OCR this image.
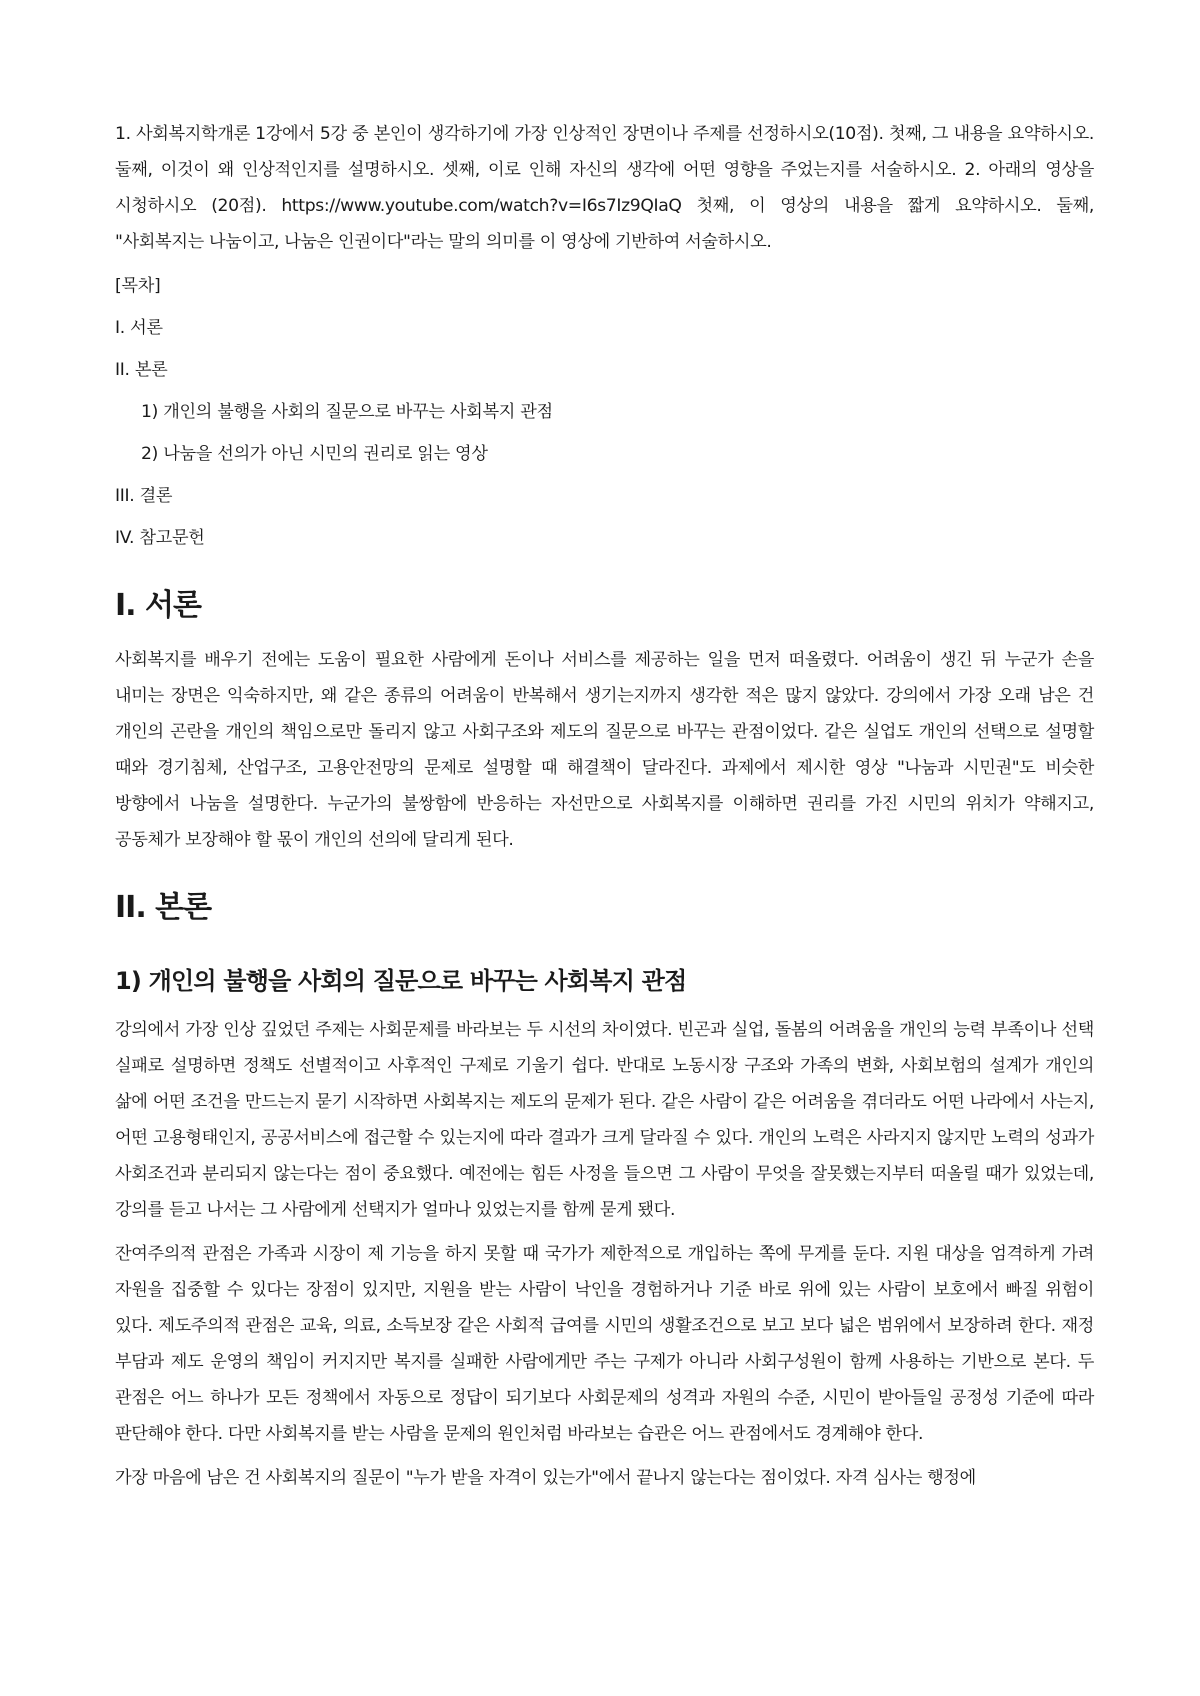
1. 사회복지학개론 1강에서 5강 중 본인이 생각하기에 가장 인상적인 장면이나 주제를 선정하시오(10점). 첫째, 그 내용을 요약하시오. 둘째, 이것이 왜 인상적인지를 설명하시오. 셋째, 이로 인해 자신의 생각에 어떤 영향을 주었는지를 서술하시오. 2. 아래의 영상을 시청하시오 (20점). https://www.youtube.com/watch?v=I6s7Iz9QIaQ 첫째, 이 영상의 내용을 짧게 요약하시오. 둘째, "사회복지는 나눔이고, 나눔은 인권이다"라는 말의 의미를 이 영상에 기반하여 서술하시오.

[목차]
I. 서론
II. 본론
1) 개인의 불행을 사회의 질문으로 바꾸는 사회복지 관점
2) 나눔을 선의가 아닌 시민의 권리로 읽는 영상
III. 결론
IV. 참고문헌
I. 서론

사회복지를 배우기 전에는 도움이 필요한 사람에게 돈이나 서비스를 제공하는 일을 먼저 떠올렸다. 어려움이 생긴 뒤 누군가 손을 내미는 장면은 익숙하지만, 왜 같은 종류의 어려움이 반복해서 생기는지까지 생각한 적은 많지 않았다. 강의에서 가장 오래 남은 건 개인의 곤란을 개인의 책임으로만 돌리지 않고 사회구조와 제도의 질문으로 바꾸는 관점이었다. 같은 실업도 개인의 선택으로 설명할 때와 경기침체, 산업구조, 고용안전망의 문제로 설명할 때 해결책이 달라진다. 과제에서 제시한 영상 "나눔과 시민권"도 비슷한 방향에서 나눔을 설명한다. 누군가의 불쌍함에 반응하는 자선만으로 사회복지를 이해하면 권리를 가진 시민의 위치가 약해지고, 공동체가 보장해야 할 몫이 개인의 선의에 달리게 된다.

II. 본론
1) 개인의 불행을 사회의 질문으로 바꾸는 사회복지 관점

강의에서 가장 인상 깊었던 주제는 사회문제를 바라보는 두 시선의 차이였다. 빈곤과 실업, 돌봄의 어려움을 개인의 능력 부족이나 선택 실패로 설명하면 정책도 선별적이고 사후적인 구제로 기울기 쉽다. 반대로 노동시장 구조와 가족의 변화, 사회보험의 설계가 개인의 삶에 어떤 조건을 만드는지 묻기 시작하면 사회복지는 제도의 문제가 된다. 같은 사람이 같은 어려움을 겪더라도 어떤 나라에서 사는지, 어떤 고용형태인지, 공공서비스에 접근할 수 있는지에 따라 결과가 크게 달라질 수 있다. 개인의 노력은 사라지지 않지만 노력의 성과가 사회조건과 분리되지 않는다는 점이 중요했다. 예전에는 힘든 사정을 들으면 그 사람이 무엇을 잘못했는지부터 떠올릴 때가 있었는데, 강의를 듣고 나서는 그 사람에게 선택지가 얼마나 있었는지를 함께 묻게 됐다.

잔여주의적 관점은 가족과 시장이 제 기능을 하지 못할 때 국가가 제한적으로 개입하는 쪽에 무게를 둔다. 지원 대상을 엄격하게 가려 자원을 집중할 수 있다는 장점이 있지만, 지원을 받는 사람이 낙인을 경험하거나 기준 바로 위에 있는 사람이 보호에서 빠질 위험이 있다. 제도주의적 관점은 교육, 의료, 소득보장 같은 사회적 급여를 시민의 생활조건으로 보고 보다 넓은 범위에서 보장하려 한다. 재정 부담과 제도 운영의 책임이 커지지만 복지를 실패한 사람에게만 주는 구제가 아니라 사회구성원이 함께 사용하는 기반으로 본다. 두 관점은 어느 하나가 모든 정책에서 자동으로 정답이 되기보다 사회문제의 성격과 자원의 수준, 시민이 받아들일 공정성 기준에 따라 판단해야 한다. 다만 사회복지를 받는 사람을 문제의 원인처럼 바라보는 습관은 어느 관점에서도 경계해야 한다.

가장 마음에 남은 건 사회복지의 질문이 "누가 받을 자격이 있는가"에서 끝나지 않는다는 점이었다. 자격 심사는 행정에
